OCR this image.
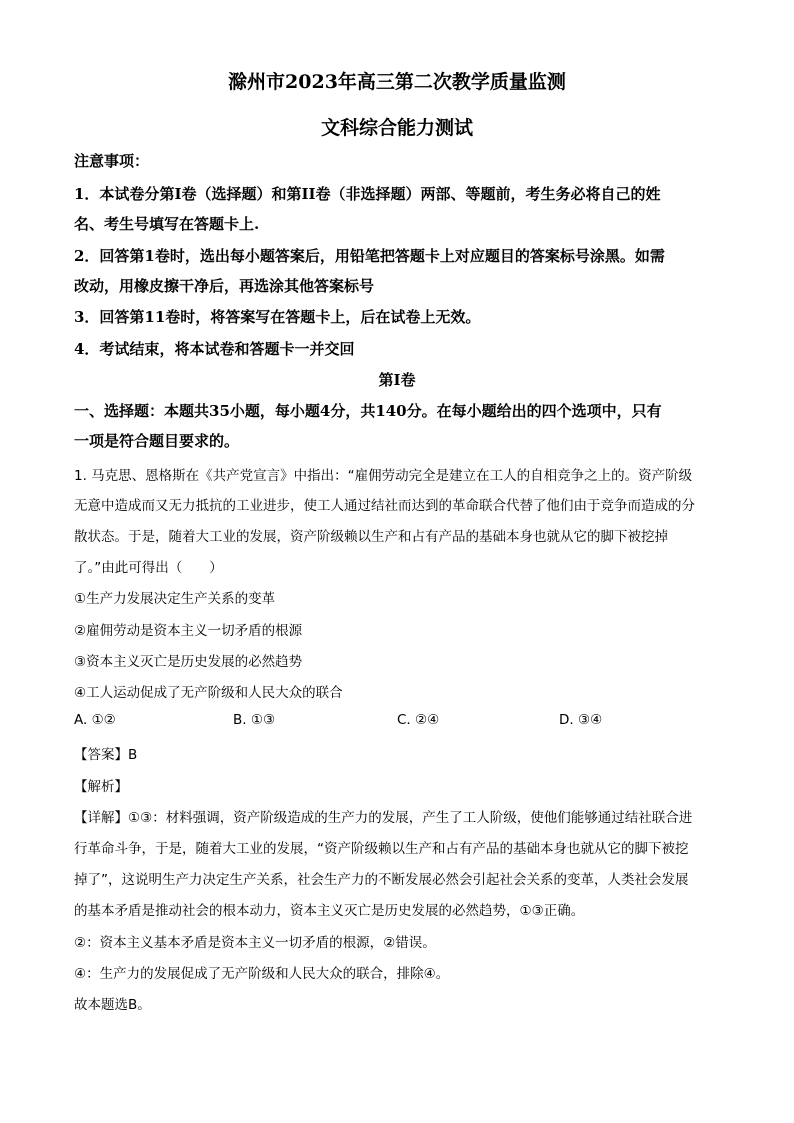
滁州市2023年高三第二次教学质量监测
文科综合能力测试
注意事项：
1．本试卷分第Ⅰ卷（选择题）和第II卷（非选择题）两部、等题前，考生务必将自己的姓
名、考生号填写在答题卡上.
2．回答第1卷时，选出每小题答案后，用铅笔把答题卡上对应题目的答案标号涂黑。如需
改动，用橡皮擦干净后，再选涂其他答案标号
3．回答第11卷时，将答案写在答题卡上，后在试卷上无效。
4．考试结束，将本试卷和答题卡一并交回
第Ⅰ卷
一、选择题：本题共35小题，每小题4分，共140分。在每小题给出的四个选项中，只有
一项是符合题目要求的。
1. 马克思、恩格斯在《共产党宣言》中指出：“雇佣劳动完全是建立在工人的自相竞争之上的。资产阶级
无意中造成而又无力抵抗的工业进步，使工人通过结社而达到的革命联合代替了他们由于竞争而造成的分
散状态。于是，随着大工业的发展，资产阶级赖以生产和占有产品的基础本身也就从它的脚下被挖掉
了。”由此可得出（　　）
①生产力发展决定生产关系的变革
②雇佣劳动是资本主义一切矛盾的根源
③资本主义灭亡是历史发展的必然趋势
④工人运动促成了无产阶级和人民大众的联合
A. ①②	B. ①③	C. ②④	D. ③④
【答案】B
【解析】
【详解】①③：材料强调，资产阶级造成的生产力的发展，产生了工人阶级，使他们能够通过结社联合进
行革命斗争，于是，随着大工业的发展，“资产阶级赖以生产和占有产品的基础本身也就从它的脚下被挖
掉了”，这说明生产力决定生产关系，社会生产力的不断发展必然会引起社会关系的变革，人类社会发展
的基本矛盾是推动社会的根本动力，资本主义灭亡是历史发展的必然趋势，①③正确。
②：资本主义基本矛盾是资本主义一切矛盾的根源，②错误。
④：生产力的发展促成了无产阶级和人民大众的联合，排除④。
故本题选B。
